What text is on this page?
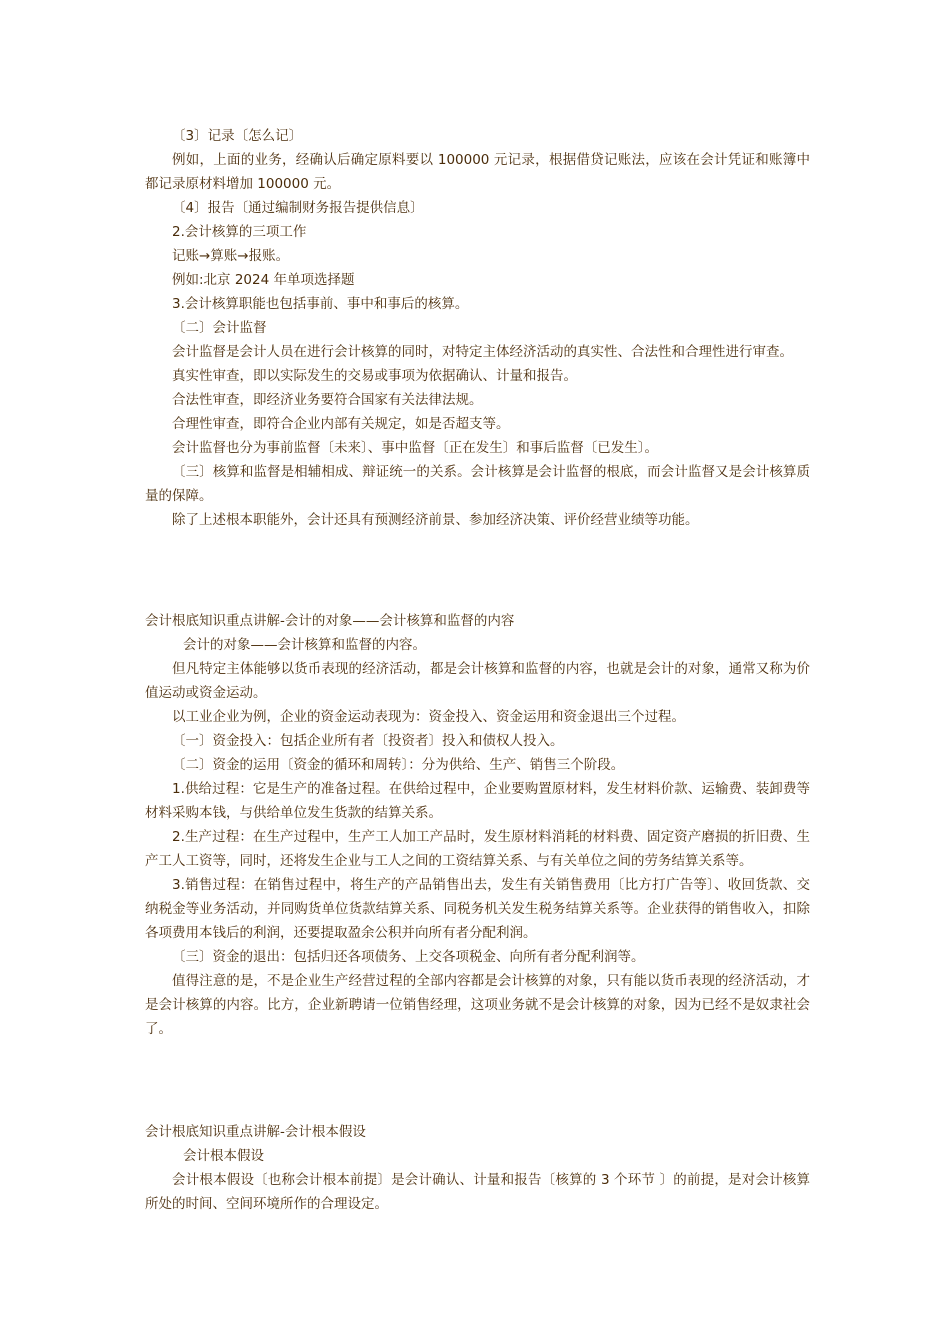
〔3〕记录〔怎么记〕

例如，上面的业务，经确认后确定原料要以 100000 元记录，根据借贷记账法，应该在会计凭证和账簿中都记录原材料增加 100000 元。

〔4〕报告〔通过编制财务报告提供信息〕

2.会计核算的三项工作

记账→算账→报账。

例如:北京 2024 年单项选择题

3.会计核算职能也包括事前、事中和事后的核算。

〔二〕会计监督

会计监督是会计人员在进行会计核算的同时，对特定主体经济活动的真实性、合法性和合理性进行审查。

真实性审查，即以实际发生的交易或事项为依据确认、计量和报告。

合法性审查，即经济业务要符合国家有关法律法规。

合理性审查，即符合企业内部有关规定，如是否超支等。

会计监督也分为事前监督〔未来〕、事中监督〔正在发生〕和事后监督〔已发生〕。

〔三〕核算和监督是相辅相成、辩证统一的关系。会计核算是会计监督的根底，而会计监督又是会计核算质量的保障。

除了上述根本职能外，会计还具有预测经济前景、参加经济决策、评价经营业绩等功能。

会计根底知识重点讲解-会计的对象——会计核算和监督的内容

会计的对象——会计核算和监督的内容。

但凡特定主体能够以货币表现的经济活动，都是会计核算和监督的内容，也就是会计的对象，通常又称为价值运动或资金运动。

以工业企业为例，企业的资金运动表现为：资金投入、资金运用和资金退出三个过程。

〔一〕资金投入：包括企业所有者〔投资者〕投入和债权人投入。

〔二〕资金的运用〔资金的循环和周转〕：分为供给、生产、销售三个阶段。

1.供给过程：它是生产的准备过程。在供给过程中，企业要购置原材料，发生材料价款、运输费、装卸费等材料采购本钱，与供给单位发生货款的结算关系。

2.生产过程：在生产过程中，生产工人加工产品时，发生原材料消耗的材料费、固定资产磨损的折旧费、生产工人工资等，同时，还将发生企业与工人之间的工资结算关系、与有关单位之间的劳务结算关系等。

3.销售过程：在销售过程中，将生产的产品销售出去，发生有关销售费用〔比方打广告等〕、收回货款、交纳税金等业务活动，并同购货单位货款结算关系、同税务机关发生税务结算关系等。企业获得的销售收入，扣除各项费用本钱后的利润，还要提取盈余公积并向所有者分配利润。

〔三〕资金的退出：包括归还各项债务、上交各项税金、向所有者分配利润等。

值得注意的是，不是企业生产经营过程的全部内容都是会计核算的对象，只有能以货币表现的经济活动，才是会计核算的内容。比方，企业新聘请一位销售经理，这项业务就不是会计核算的对象，因为已经不是奴隶社会了。

会计根底知识重点讲解-会计根本假设

会计根本假设

会计根本假设〔也称会计根本前提〕是会计确认、计量和报告〔核算的 3 个环节 〕的前提，是对会计核算所处的时间、空间环境所作的合理设定。
